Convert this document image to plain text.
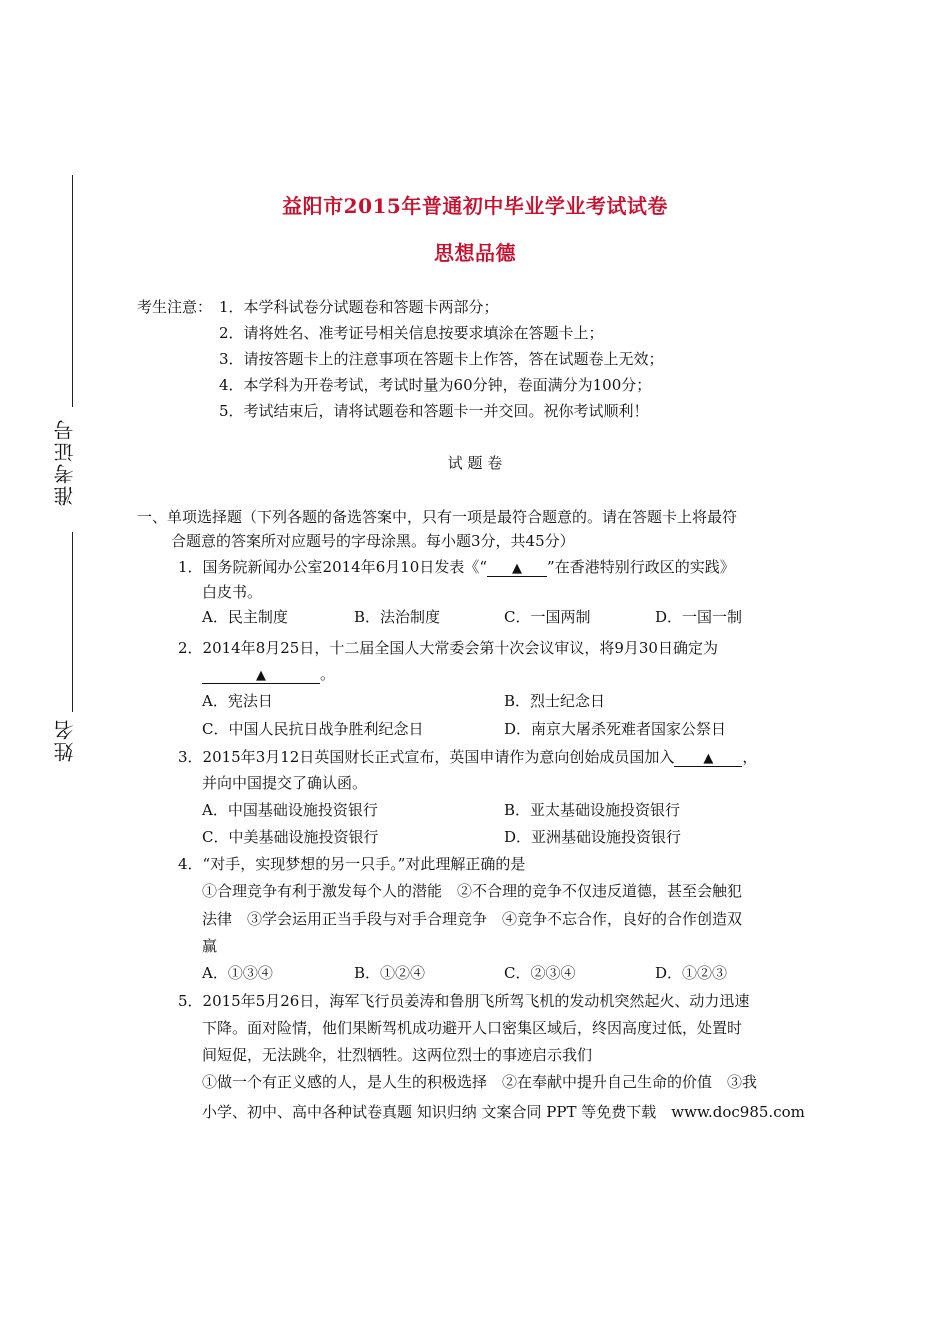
准考证号
姓名
益阳市2015年普通初中毕业学业考试试卷
思想品德
考生注意： 1．本学科试卷分试题卷和答题卡两部分；
2．请将姓名、准考证号相关信息按要求填涂在答题卡上；
3．请按答题卡上的注意事项在答题卡上作答，答在试题卷上无效；
4．本学科为开卷考试，考试时量为60分钟，卷面满分为100分；
5．考试结束后，请将试题卷和答题卡一并交回。祝你考试顺利！
试 题 卷
一、单项选择题（下列各题的备选答案中，只有一项是最符合题意的。请在答题卡上将最符
合题意的答案所对应题号的字母涂黑。每小题3分，共45分）
1．国务院新闻办公室2014年6月10日发表《“ ▲ ”在香港特别行政区的实践》
白皮书。
A．民主制度	B．法治制度	C．一国两制	D．一国一制
2．2014年8月25日，十二届全国人大常委会第十次会议审议，将9月30日确定为
▲	。
A．宪法日	B．烈士纪念日
C．中国人民抗日战争胜利纪念日	D．南京大屠杀死难者国家公祭日
3．2015年3月12日英国财长正式宣布，英国申请作为意向创始成员国加入 ▲ ，
并向中国提交了确认函。
A．中国基础设施投资银行	B．亚太基础设施投资银行
C．中美基础设施投资银行	D．亚洲基础设施投资银行
4．“对手，实现梦想的另一只手。”对此理解正确的是
①合理竞争有利于激发每个人的潜能　②不合理的竞争不仅违反道德，甚至会触犯
法律　③学会运用正当手段与对手合理竞争　④竞争不忘合作，良好的合作创造双
赢
A．①③④	B．①②④	C．②③④	D．①②③
5．2015年5月26日，海军飞行员姜涛和鲁朋飞所驾飞机的发动机突然起火、动力迅速
下降。面对险情，他们果断驾机成功避开人口密集区域后，终因高度过低，处置时
间短促，无法跳伞，壮烈牺牲。这两位烈士的事迹启示我们
①做一个有正义感的人，是人生的积极选择　②在奉献中提升自己生命的价值　③我
小学、初中、高中各种试卷真题 知识归纳 文案合同 PPT 等免费下载　www.doc985.com
